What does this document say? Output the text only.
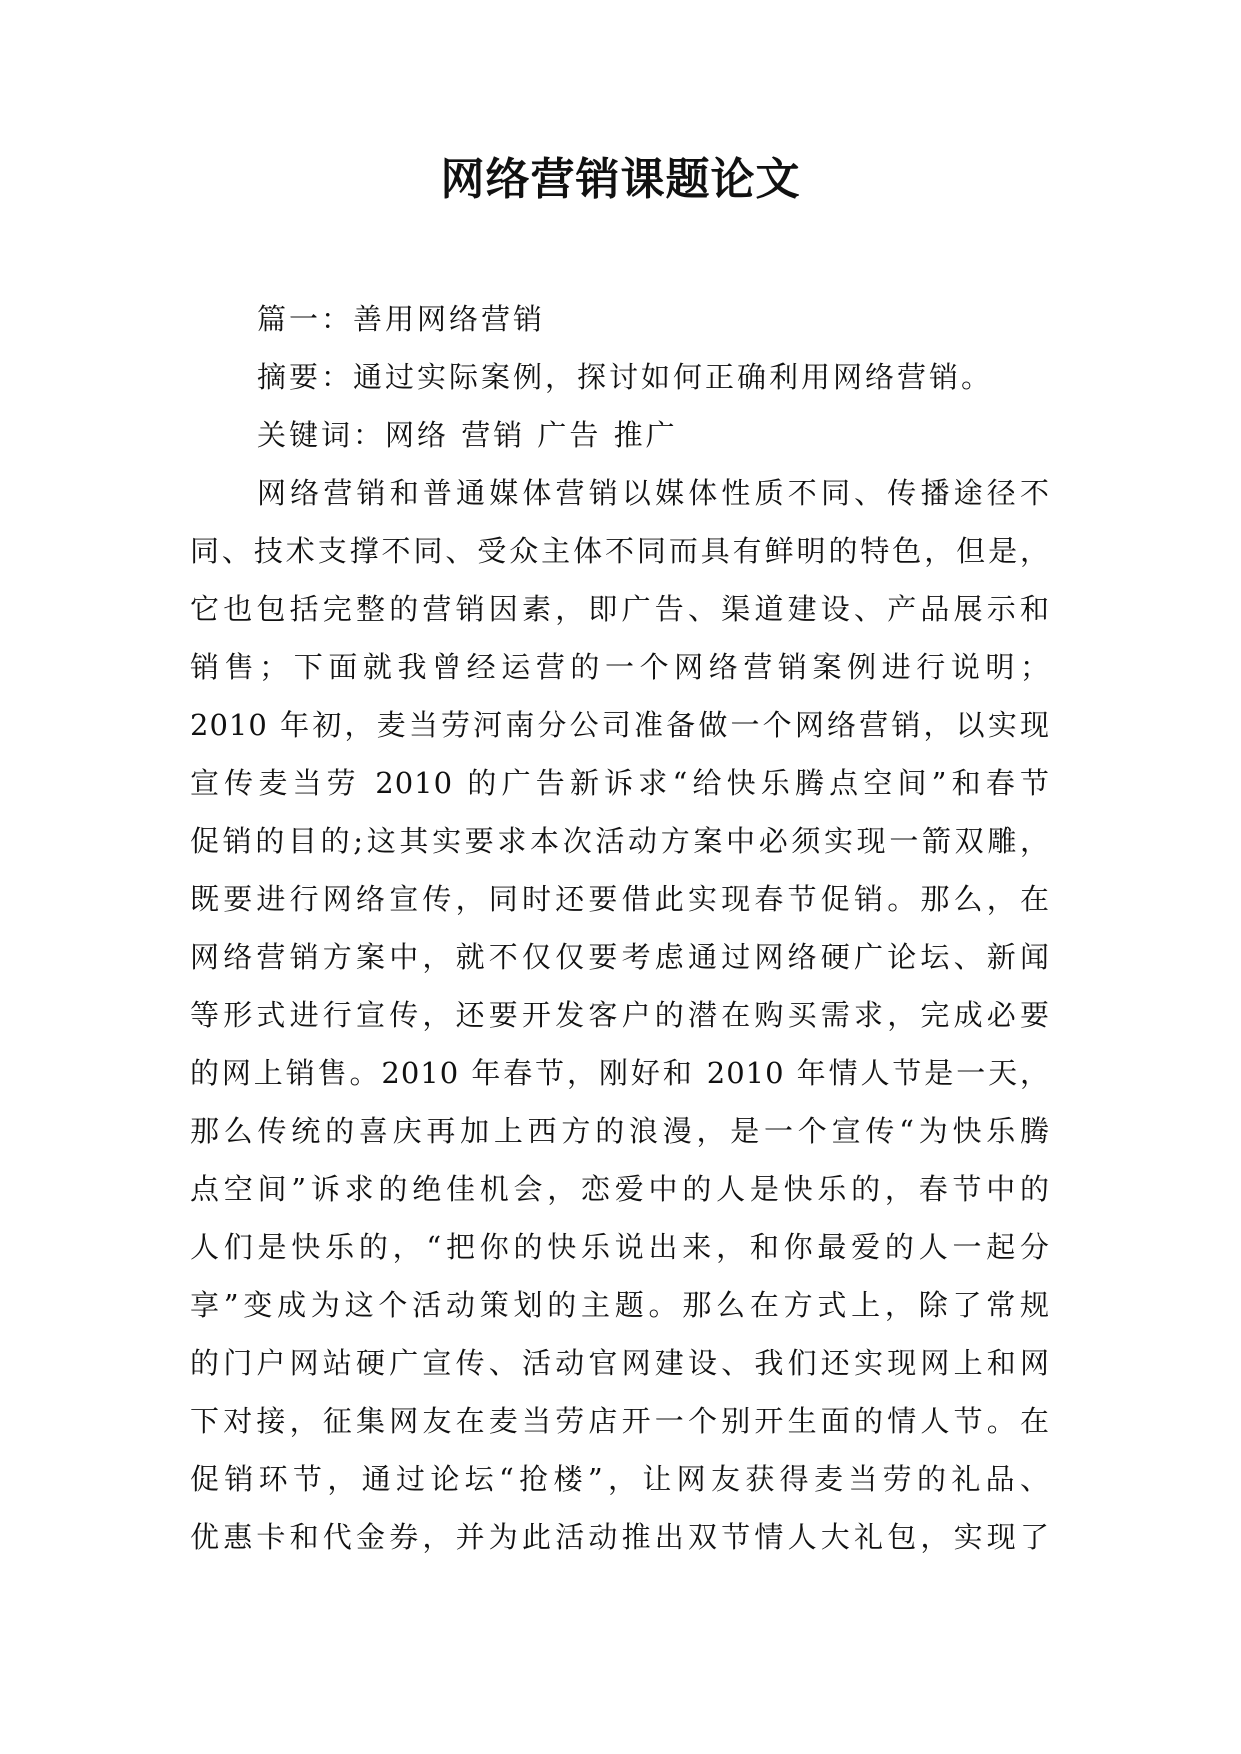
网络营销课题论文

篇一：善用网络营销

摘要：通过实际案例，探讨如何正确利用网络营销。

关键词：网络 营销 广告 推广

网络营销和普通媒体营销以媒体性质不同、传播途径不

同、技术支撑不同、受众主体不同而具有鲜明的特色，但是，

它也包括完整的营销因素，即广告、渠道建设、产品展示和

销售；下面就我曾经运营的一个网络营销案例进行说明；

2010 年初，麦当劳河南分公司准备做一个网络营销，以实现

宣传麦当劳 2010 的广告新诉求“给快乐腾点空间”和春节

促销的目的;这其实要求本次活动方案中必须实现一箭双雕，

既要进行网络宣传，同时还要借此实现春节促销。那么，在

网络营销方案中，就不仅仅要考虑通过网络硬广论坛、新闻

等形式进行宣传，还要开发客户的潜在购买需求，完成必要

的网上销售。2010 年春节，刚好和 2010 年情人节是一天，

那么传统的喜庆再加上西方的浪漫，是一个宣传“为快乐腾

点空间”诉求的绝佳机会，恋爱中的人是快乐的，春节中的

人们是快乐的，“把你的快乐说出来，和你最爱的人一起分

享”变成为这个活动策划的主题。那么在方式上，除了常规

的门户网站硬广宣传、活动官网建设、我们还实现网上和网

下对接，征集网友在麦当劳店开一个别开生面的情人节。在

促销环节，通过论坛“抢楼”，让网友获得麦当劳的礼品、

优惠卡和代金券，并为此活动推出双节情人大礼包，实现了
